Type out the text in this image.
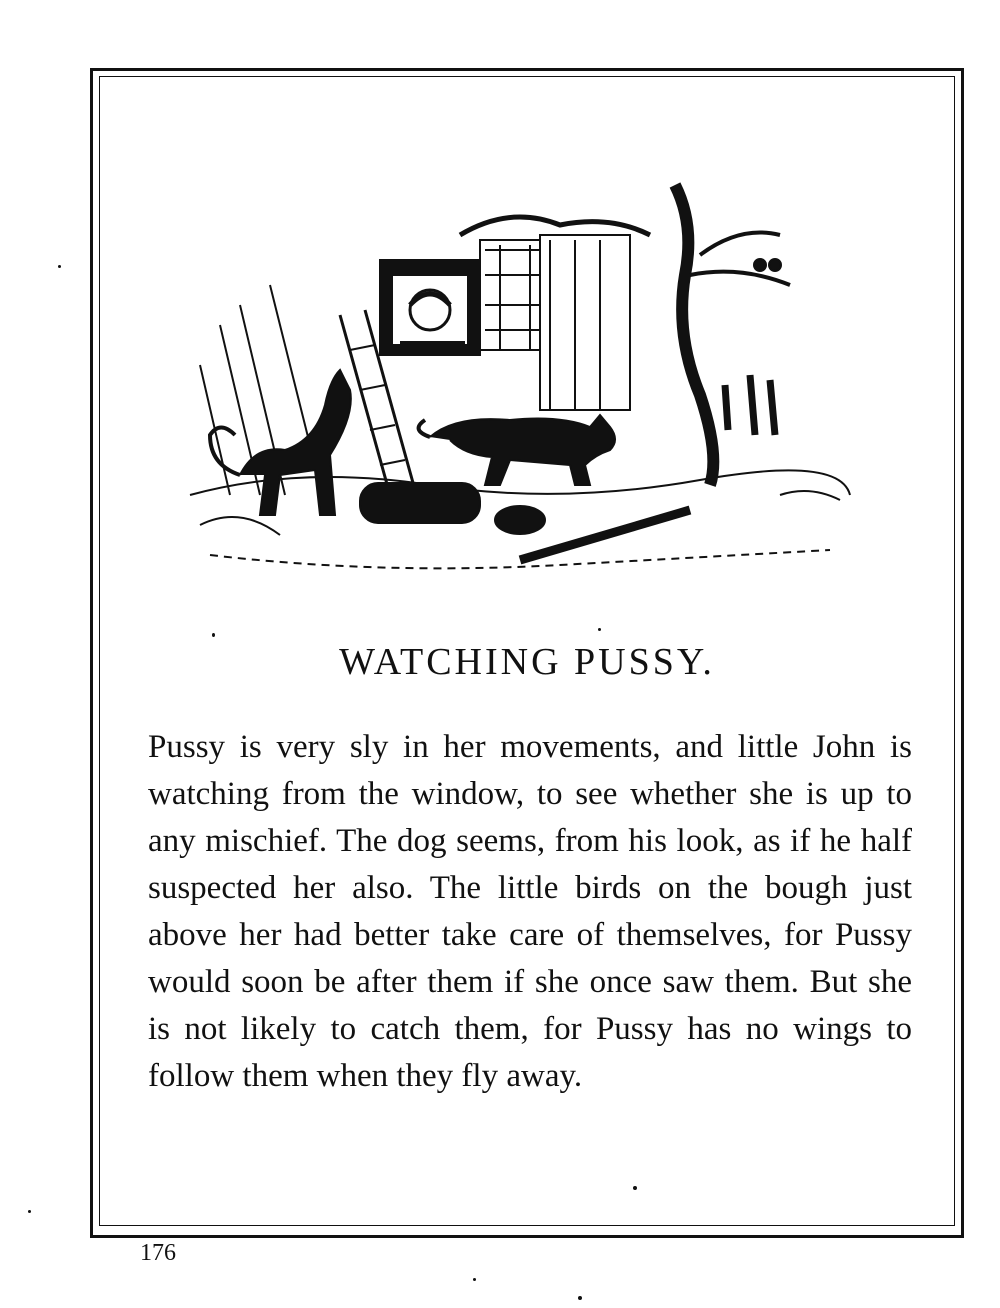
WATCHING PUSSY.

Pussy is very sly in her movements, and little John is watching from the window, to see whether she is up to any mischief. The dog seems, from his look, as if he half suspected her also. The little birds on the bough just above her had better take care of themselves, for Pussy would soon be after them if she once saw them. But she is not likely to catch them, for Pussy has no wings to follow them when they fly away.

176
